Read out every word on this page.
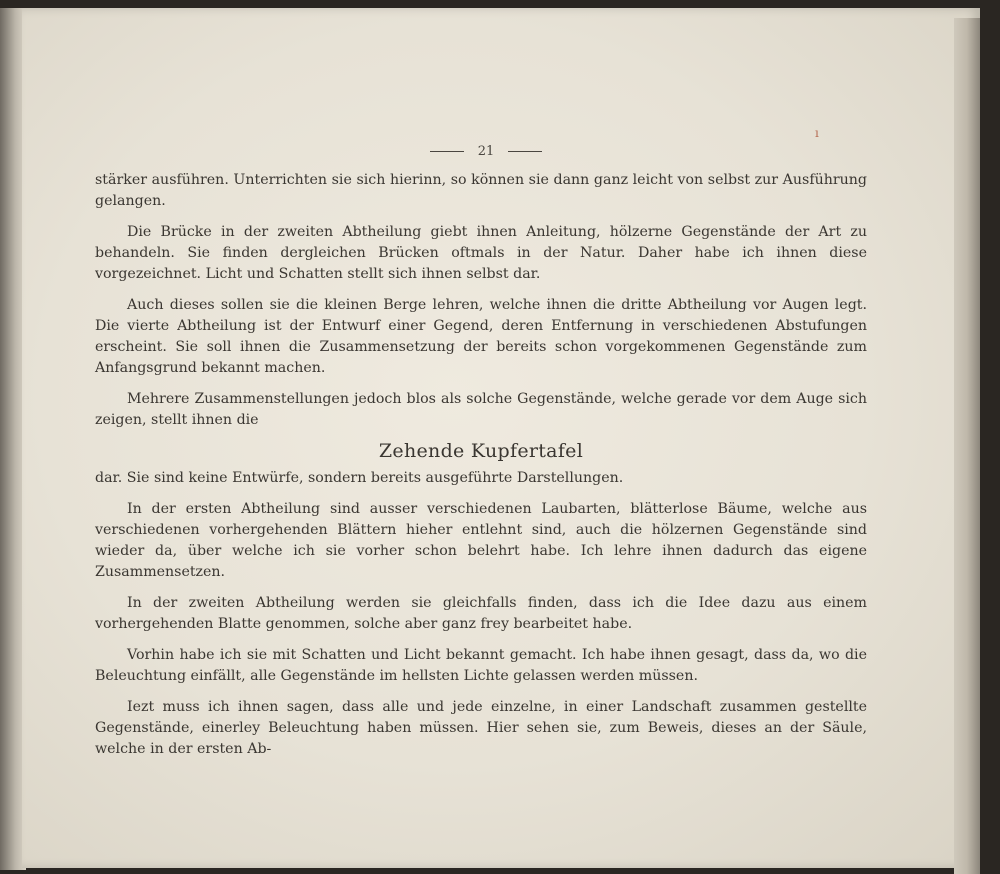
ı
21

stärker ausführen. Unterrichten sie sich hierinn, so können sie dann ganz leicht von selbst zur Ausführung gelangen.

Die Brücke in der zweiten Abtheilung giebt ihnen Anleitung, hölzerne Gegenstände der Art zu behandeln. Sie finden dergleichen Brücken oftmals in der Natur. Daher habe ich ihnen diese vorgezeichnet. Licht und Schatten stellt sich ihnen selbst dar.

Auch dieses sollen sie die kleinen Berge lehren, welche ihnen die dritte Abtheilung vor Augen legt. Die vierte Abtheilung ist der Entwurf einer Gegend, deren Entfernung in verschiedenen Abstufungen erscheint. Sie soll ihnen die Zusammensetzung der bereits schon vorgekommenen Gegenstände zum Anfangsgrund bekannt machen.

Mehrere Zusammenstellungen jedoch blos als solche Gegenstände, welche gerade vor dem Auge sich zeigen, stellt ihnen die

Zehende Kupfertafel

dar. Sie sind keine Entwürfe, sondern bereits ausgeführte Darstellungen.

In der ersten Abtheilung sind ausser verschiedenen Laubarten, blätterlose Bäume, welche aus verschiedenen vorhergehenden Blättern hieher entlehnt sind, auch die hölzernen Gegenstände sind wieder da, über welche ich sie vorher schon belehrt habe. Ich lehre ihnen dadurch das eigene Zusammensetzen.

In der zweiten Abtheilung werden sie gleichfalls finden, dass ich die Idee dazu aus einem vorhergehenden Blatte genommen, solche aber ganz frey bearbeitet habe.

Vorhin habe ich sie mit Schatten und Licht bekannt gemacht. Ich habe ihnen gesagt, dass da, wo die Beleuchtung einfällt, alle Gegenstände im hellsten Lichte gelassen werden müssen.

Iezt muss ich ihnen sagen, dass alle und jede einzelne, in einer Landschaft zusammen gestellte Gegenstände, einerley Beleuchtung haben müssen. Hier sehen sie, zum Beweis, dieses an der Säule, welche in der ersten Ab-
